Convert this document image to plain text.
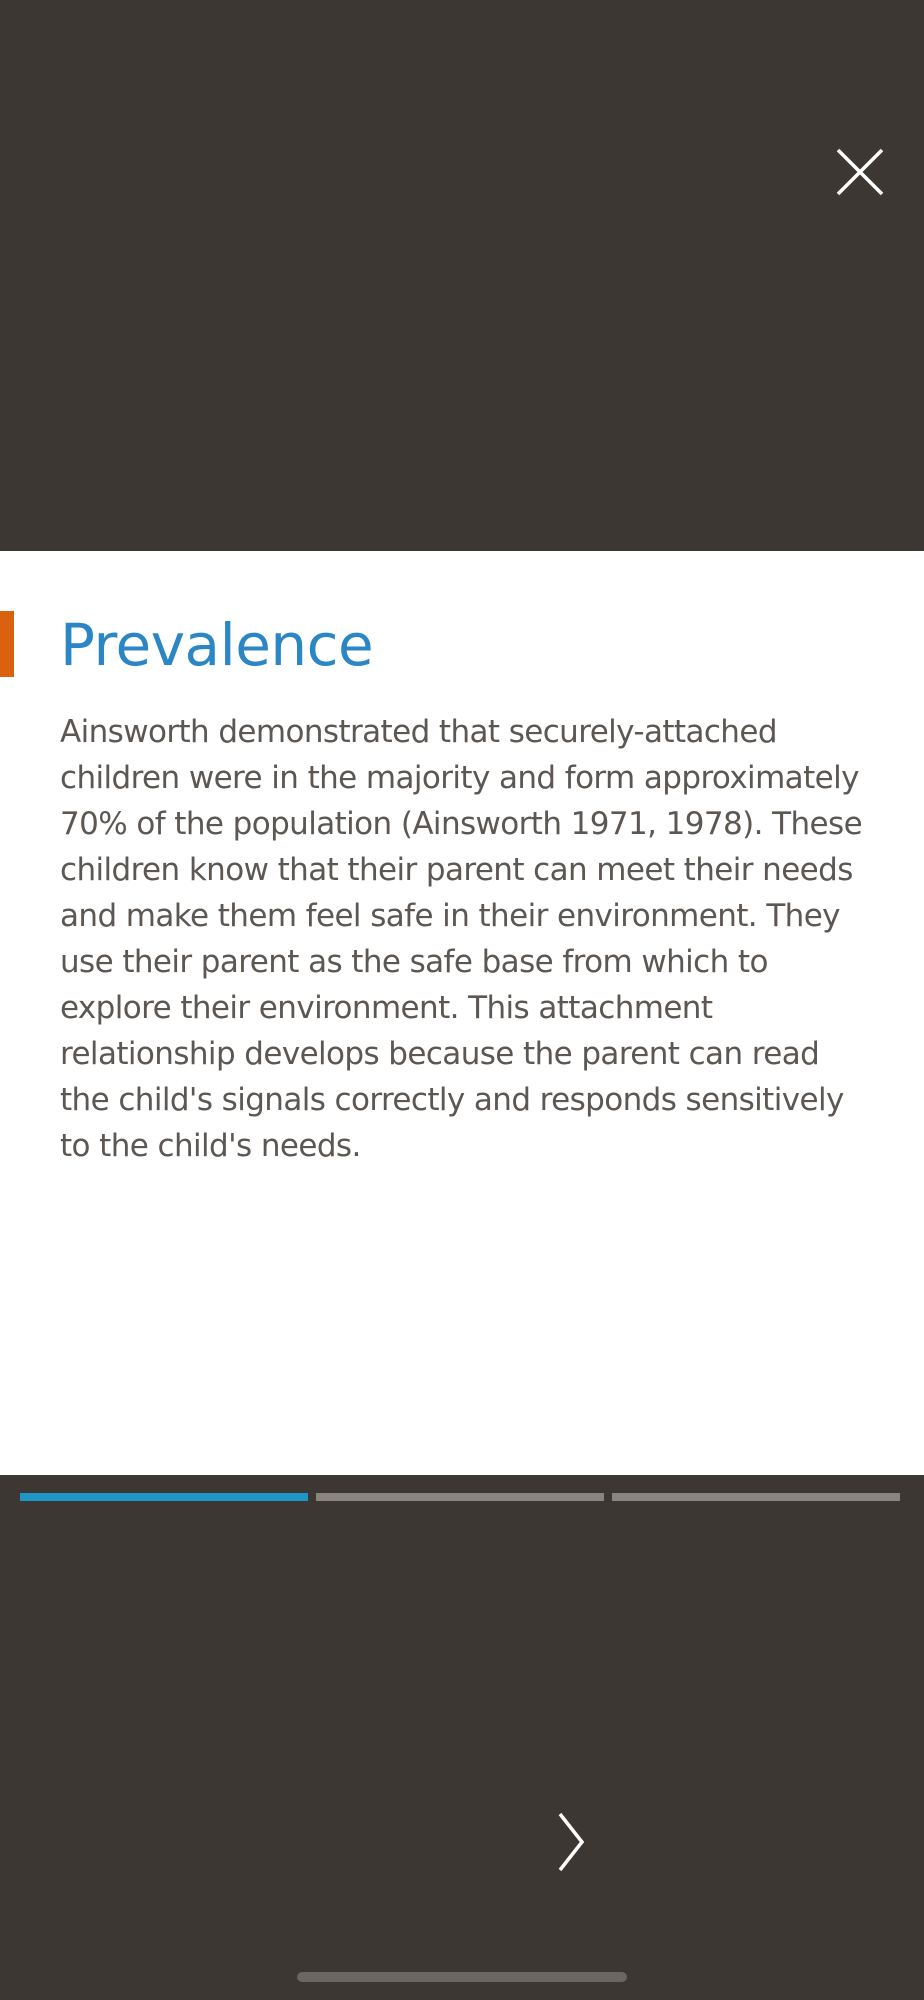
Prevalence

Ainsworth demonstrated that securely-attached children were in the majority and form approximately 70% of the population (Ainsworth 1971, 1978). These children know that their parent can meet their needs and make them feel safe in their environment. They use their parent as the safe base from which to explore their environment. This attachment relationship develops because the parent can read the child's signals correctly and responds sensitively to the child's needs.
